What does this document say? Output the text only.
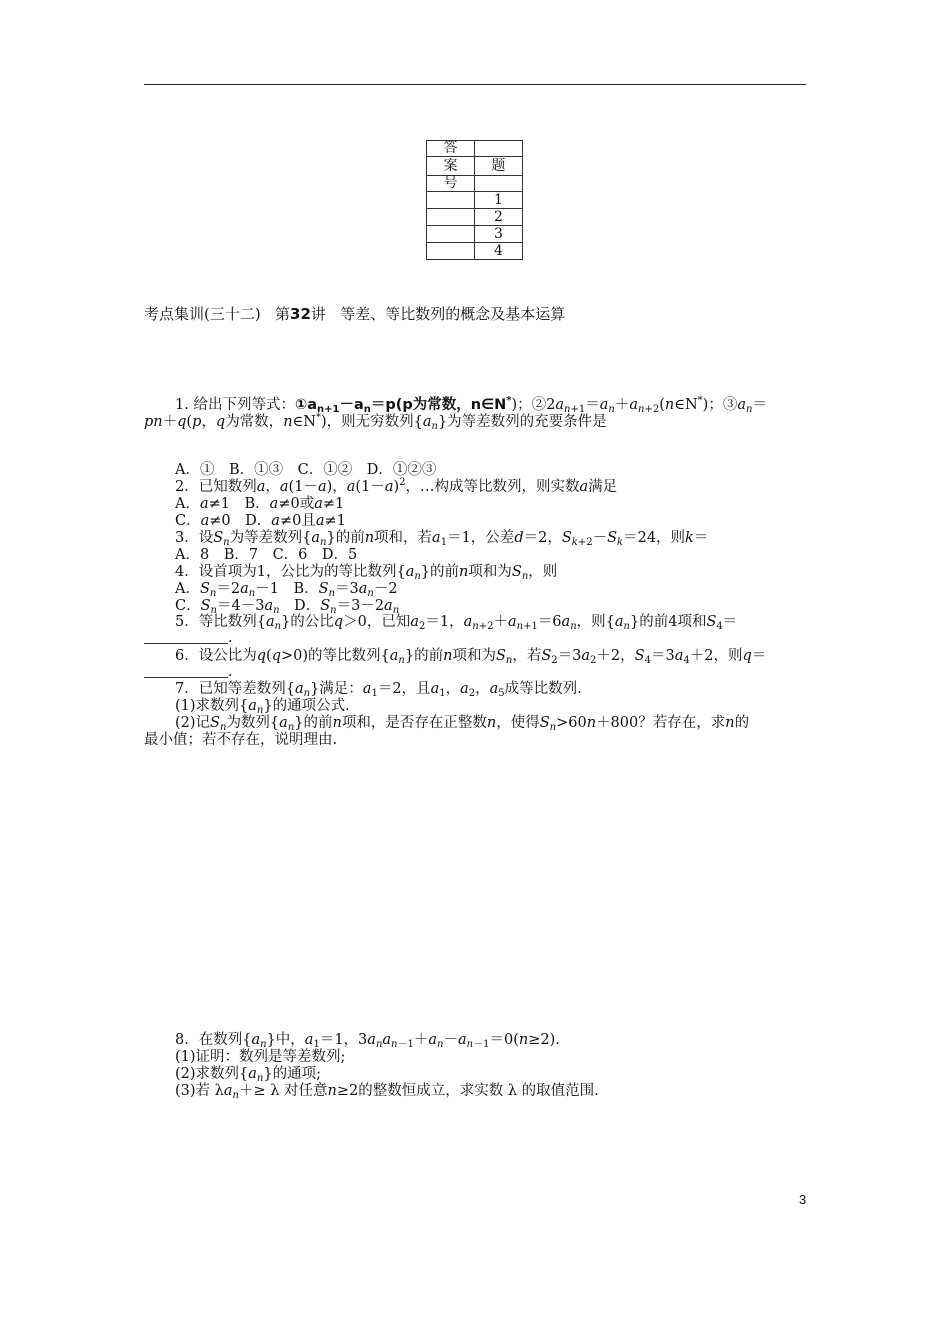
答	
案	题
号	
	1
	2
	3
	4
考点集训(三十二) 第32讲 等差、等比数列的概念及基本运算
1. 给出下列等式：$①a_{n+1}-a_n=p(p$为常数，n∈N*)；$②2a_{n+1}=a_n+a_{n+2}(n\in N^*)$；$③a_n=$
pn＋q(p，q为常数，n∈N*)，则无穷数列$\{a_n\}$为等差数列的充要条件是
A．①　B．①③　C．①②　D．①②③
2．已知数列a，a(1－a)，$a(1-a)^2$，…构成等比数列，则实数a满足
A．a≠1　B．a≠0或a≠1
C．a≠0　D．a≠0且a≠1
3．设$S_n$为等差数列$\{a_n\}$的前n项和，若$a_1=1$，公差d＝2，$S_{k+2}-S_k=24$，则k＝
A．8　B．7　C．6　D．5
4．设首项为1，公比为的等比数列$\{a_n\}$的前n项和为$S_n$，则
A．$S_n=2a_n-1$　B．$S_n=3a_n-2$
C．$S_n=4-3a_n$　D．$S_n=3-2a_n$
5．等比数列$\{a_n\}$的公比q＞0，已知$a_2=1$，$a_{n+2}+a_{n+1}=6a_n$，则$\{a_n\}$的前4项和$S_4=$
.
6．设公比为q(q>0)的等比数列$\{a_n\}$的前n项和为$S_n$，若$S_2=3a_2+2$，$S_4=3a_4+2$，则q＝
.
7．已知等差数列$\{a_n\}$满足：$a_1=2$，且$a_1$，$a_2$，$a_5$成等比数列.
(1)求数列$\{a_n\}$的通项公式.
(2)记$S_n$为数列$\{a_n\}$的前n项和，是否存在正整数n，使得$S_n>60n+800$？若存在，求n的
最小值；若不存在，说明理由.
8．在数列$\{a_n\}$中，$a_1=1$，$3a_na_{n-1}+a_n-a_{n-1}=0(n\ge 2)$.
(1)证明：数列是等差数列;
(2)求数列$\{a_n\}$的通项;
(3)若 $\lambda a_n+\ge \lambda$ 对任意n≥2的整数恒成立，求实数 λ 的取值范围.
3
